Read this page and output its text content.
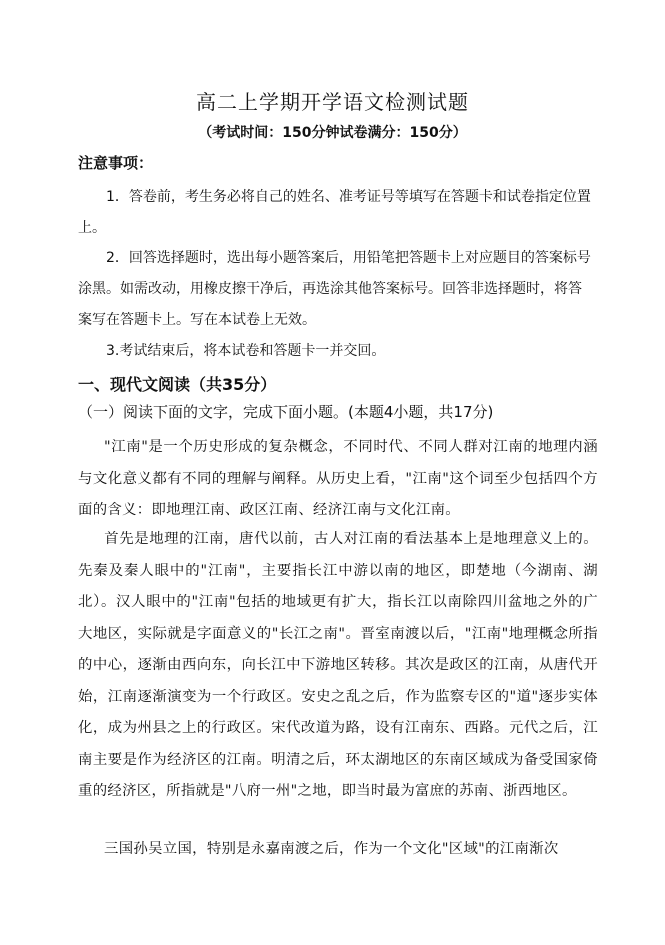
高二上学期开学语文检测试题
（考试时间：150分钟试卷满分：150分）
注意事项：
1．答卷前，考生务必将自己的姓名、准考证号等填写在答题卡和试卷指定位置上。
2．回答选择题时，选出每小题答案后，用铅笔把答题卡上对应题目的答案标号涂黑。如需改动，用橡皮擦干净后，再选涂其他答案标号。回答非选择题时，将答案写在答题卡上。写在本试卷上无效。
3.考试结束后，将本试卷和答题卡一并交回。
一、现代文阅读（共35分）
（一）阅读下面的文字，完成下面小题。(本题4小题，共17分)
"江南"是一个历史形成的复杂概念，不同时代、不同人群对江南的地理内涵与文化意义都有不同的理解与阐释。从历史上看，"江南"这个词至少包括四个方面的含义：即地理江南、政区江南、经济江南与文化江南。
首先是地理的江南，唐代以前，古人对江南的看法基本上是地理意义上的。先秦及秦人眼中的"江南"，主要指长江中游以南的地区，即楚地（今湖南、湖北）。汉人眼中的"江南"包括的地域更有扩大，指长江以南除四川盆地之外的广大地区，实际就是字面意义的"长江之南"。晋室南渡以后，"江南"地理概念所指的中心，逐渐由西向东，向长江中下游地区转移。其次是政区的江南，从唐代开始，江南逐渐演变为一个行政区。安史之乱之后，作为监察专区的"道"逐步实体化，成为州县之上的行政区。宋代改道为路，设有江南东、西路。元代之后，江南主要是作为经济区的江南。明清之后，环太湖地区的东南区域成为备受国家倚重的经济区，所指就是"八府一州"之地，即当时最为富庶的苏南、浙西地区。
三国孙吴立国，特别是永嘉南渡之后，作为一个文化"区域"的江南渐次
